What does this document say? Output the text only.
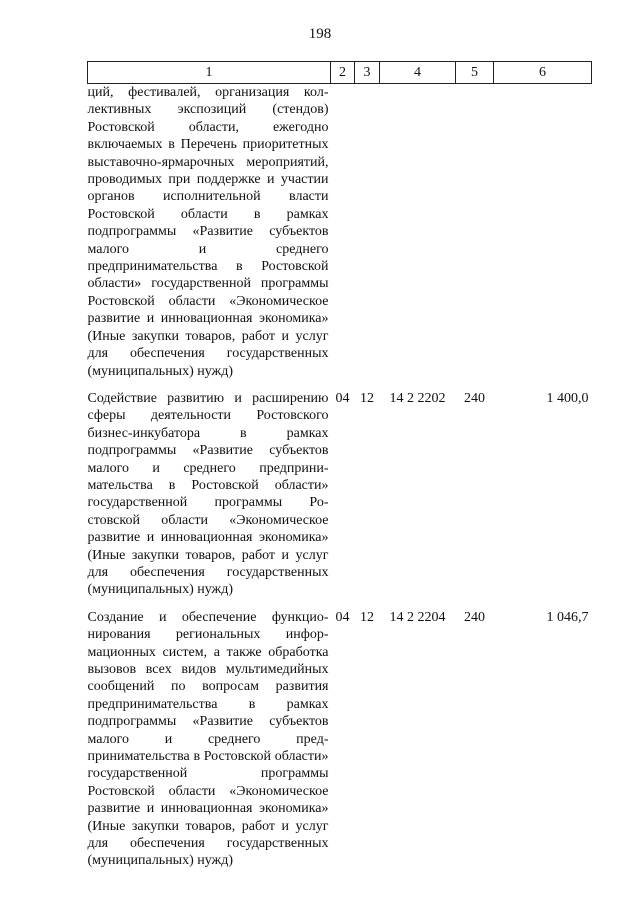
198
1	2	3	4	5	6
ций, фестивалей, организация коллективных экспозиций (стендов) Ростовской области, ежегодно включаемых в Перечень приоритетных выставочно-ярмарочных мероприятий, проводимых при поддержке и участии органов исполнительной власти Ростовской области в рамках подпрограммы «Развитие субъектов малого и среднего предпринимательства в Ростовской области» государственной программы Ростовской области «Экономическое развитие и инновационная экономика» (Иные закупки товаров, работ и услуг для обеспечения государственных (муниципальных) нужд)					
Содействие развитию и расширению сферы деятельности Ростовского бизнес-инкубатора в рамках подпрограммы «Развитие субъектов малого и среднего предпринимательства в Ростовской области» государственной программы Ростовской области «Экономическое развитие и инновационная экономика» (Иные закупки товаров, работ и услуг для обеспечения государственных (муниципальных) нужд)	04	12	14 2 2202	240	1 400,0
Создание и обеспечение функционирования региональных информационных систем, а также обработка вызовов всех видов мультимедийных сообщений по вопросам развития предпринимательства в рамках подпрограммы «Развитие субъектов малого и среднего предпринимательства в Ростовской области» государственной программы Ростовской области «Экономическое развитие и инновационная экономика» (Иные закупки товаров, работ и услуг для обеспечения государственных (муниципальных) нужд)	04	12	14 2 2204	240	1 046,7
